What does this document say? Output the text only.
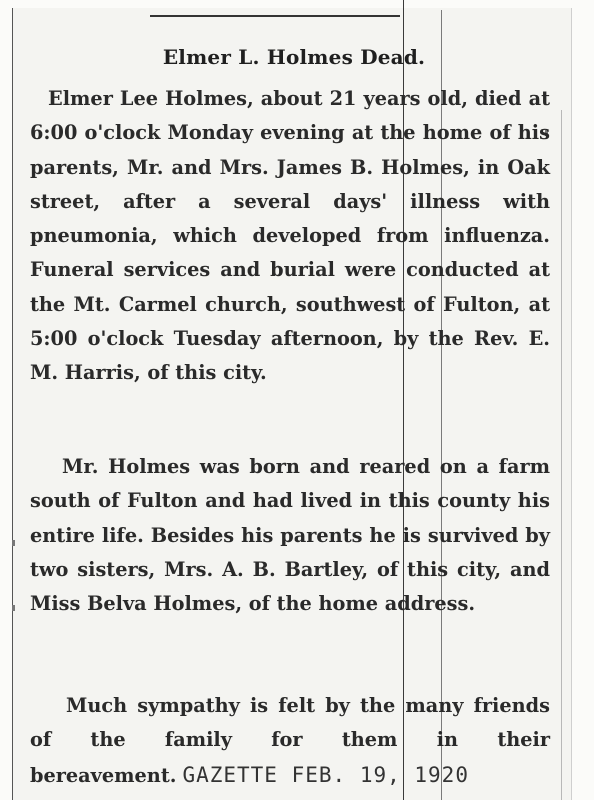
Elmer L. Holmes Dead.

Elmer Lee Holmes, about 21 years old, died at 6:00 o'clock Monday evening at the home of his parents, Mr. and Mrs. James B. Holmes, in Oak street, after a several days' illness with pneumonia, which developed from influenza. Funeral services and burial were conducted at the Mt. Carmel church, southwest of Fulton, at 5:00 o'clock Tuesday afternoon, by the Rev. E. M. Harris, of this city.

Mr. Holmes was born and reared on a farm south of Fulton and had lived in this county his entire life. Besides his parents he is survived by two sisters, Mrs. A. B. Bartley, of this city, and Miss Belva Holmes, of the home address.

Much sympathy is felt by the many friends of the family for them in their bereavement. GAZETTE FEB. 19, 1920
